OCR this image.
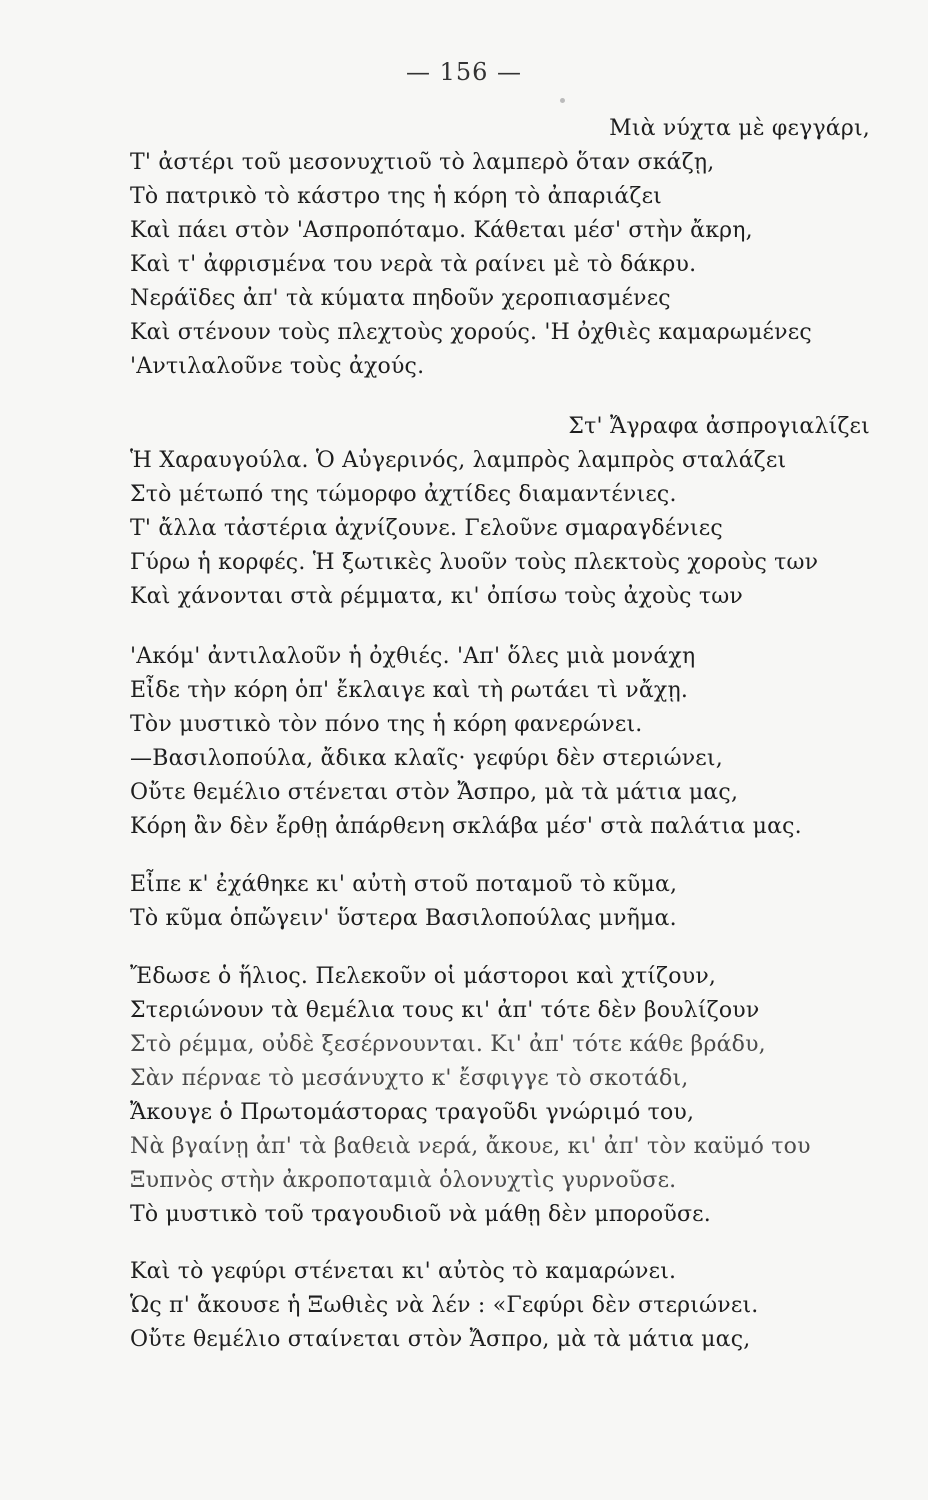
— 156 —
Μιὰ νύχτα μὲ φεγγάρι,
Τ' ἀστέρι τοῦ μεσονυχτιοῦ τὸ λαμπερὸ ὅταν σκάζῃ,
Τὸ πατρικὸ τὸ κάστρο της ἡ κόρη τὸ ἀπαριάζει
Καὶ πάει στὸν 'Ασπροπόταμο. Κάθεται μέσ' στὴν ἄκρη,
Καὶ τ' ἀφρισμένα του νερὰ τὰ ραίνει μὲ τὸ δάκρυ.
Νεράϊδες ἀπ' τὰ κύματα πηδοῦν χεροπιασμένες
Καὶ στένουν τοὺς πλεχτοὺς χορούς. 'Η ὀχθιὲς καμαρωμένες
'Αντιλαλοῦνε τοὺς ἀχούς.
Στ' Ἄγραφα ἀσπρογιαλίζει
Ἡ Χαραυγούλα. Ὁ Αὐγερινός, λαμπρὸς λαμπρὸς σταλάζει
Στὸ μέτωπό της τώμορφο ἀχτίδες διαμαντένιες.
Τ' ἄλλα τἀστέρια ἀχνίζουνε. Γελοῦνε σμαραγδένιες
Γύρω ἡ κορφές. Ἡ ξωτικὲς λυοῦν τοὺς πλεκτοὺς χοροὺς των
Καὶ χάνονται στὰ ρέμματα, κι' ὀπίσω τοὺς ἀχοὺς των
'Ακόμ' ἀντιλαλοῦν ἡ ὀχθιές. 'Απ' ὅλες μιὰ μονάχη
Εἶδε τὴν κόρη ὁπ' ἔκλαιγε καὶ τὴ ρωτάει τὶ νἄχῃ.
Τὸν μυστικὸ τὸν πόνο της ἡ κόρη φανερώνει.
—Βασιλοπούλα, ἄδικα κλαῖς· γεφύρι δὲν στεριώνει,
Οὔτε θεμέλιο στένεται στὸν Ἄσπρο, μὰ τὰ μάτια μας,
Κόρη ἂν δὲν ἔρθῃ ἀπάρθενη σκλάβα μέσ' στὰ παλάτια μας.
Εἶπε κ' ἐχάθηκε κι' αὐτὴ στοῦ ποταμοῦ τὸ κῦμα,
Τὸ κῦμα ὁπὤγειν' ὕστερα Βασιλοπούλας μνῆμα.
Ἔδωσε ὁ ἥλιος. Πελεκοῦν οἱ μάστοροι καὶ χτίζουν,
Στεριώνουν τὰ θεμέλια τους κι' ἀπ' τότε δὲν βουλίζουν
Στὸ ρέμμα, οὐδὲ ξεσέρνουνται. Κι' ἀπ' τότε κάθε βράδυ,
Σὰν πέρναε τὸ μεσάνυχτο κ' ἔσφιγγε τὸ σκοτάδι,
Ἄκουγε ὁ Πρωτομάστορας τραγοῦδι γνώριμό του,
Νὰ βγαίνῃ ἀπ' τὰ βαθειὰ νερά, ἄκουε, κι' ἀπ' τὸν καϋμό του
Ξυπνὸς στὴν ἀκροποταμιὰ ὁλονυχτὶς γυρνοῦσε.
Τὸ μυστικὸ τοῦ τραγουδιοῦ νὰ μάθῃ δὲν μποροῦσε.
Καὶ τὸ γεφύρι στένεται κι' αὐτὸς τὸ καμαρώνει.
Ὡς π' ἄκουσε ἡ Ξωθιὲς νὰ λέν : «Γεφύρι δὲν στεριώνει.
Οὔτε θεμέλιο σταίνεται στὸν Ἄσπρο, μὰ τὰ μάτια μας,
